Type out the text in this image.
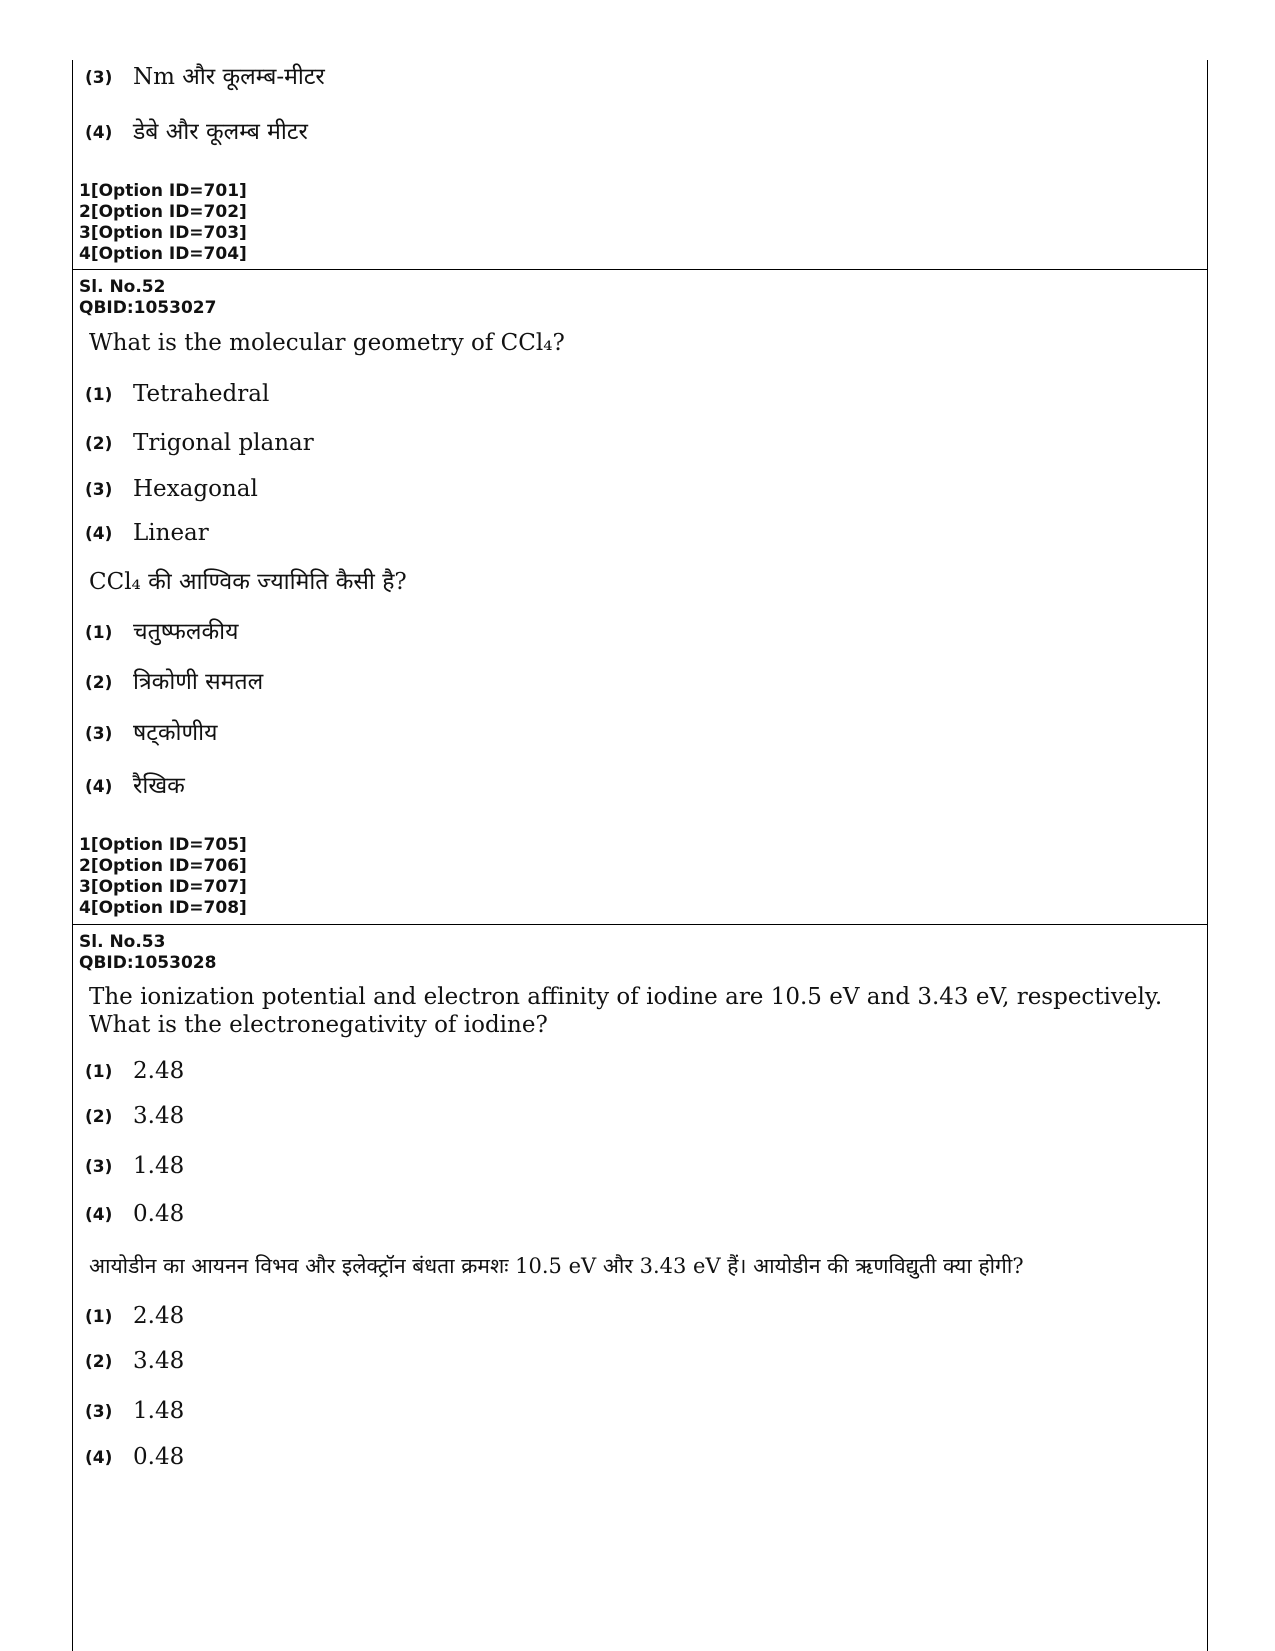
(3) Nm और कूलम्ब-मीटर
(4) डेबे और कूलम्ब मीटर
1[Option ID=701]
2[Option ID=702]
3[Option ID=703]
4[Option ID=704]
Sl. No.52
QBID:1053027
What is the molecular geometry of CCl₄?
(1) Tetrahedral
(2) Trigonal planar
(3) Hexagonal
(4) Linear
CCl₄ की आण्विक ज्यामिति कैसी है?
(1) चतुष्फलकीय
(2) त्रिकोणी समतल
(3) षट्कोणीय
(4) रैखिक
1[Option ID=705]
2[Option ID=706]
3[Option ID=707]
4[Option ID=708]
Sl. No.53
QBID:1053028
The ionization potential and electron affinity of iodine are 10.5 eV and 3.43 eV, respectively.
What is the electronegativity of iodine?
(1) 2.48
(2) 3.48
(3) 1.48
(4) 0.48
आयोडीन का आयनन विभव और इलेक्ट्रॉन बंधता क्रमशः 10.5 eV और 3.43 eV हैं। आयोडीन की ऋणविद्युती क्या होगी?
(1) 2.48
(2) 3.48
(3) 1.48
(4) 0.48
